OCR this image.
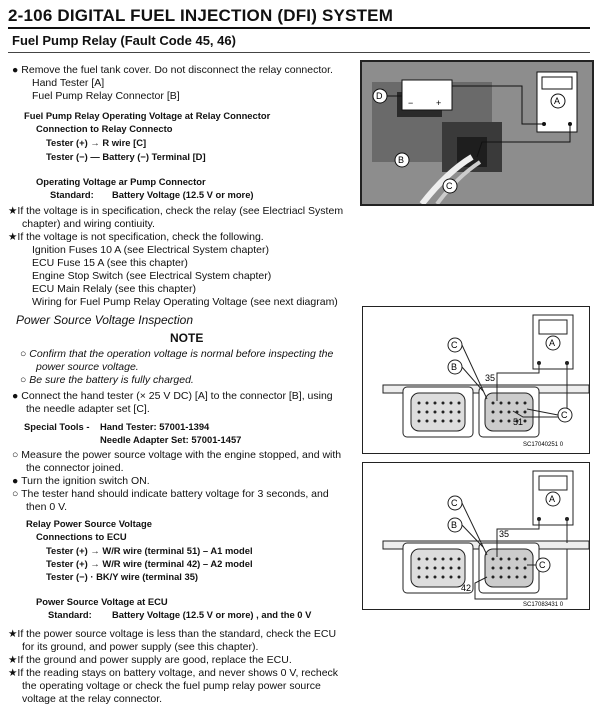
2-106 DIGITAL FUEL INJECTION (DFI) SYSTEM
Fuel Pump Relay (Fault Code 45, 46)
● Remove the fuel tank cover. Do not disconnect the relay connector.
Hand Tester [A]
Fuel Pump Relay Connector [B]
Fuel Pump Relay Operating Voltage at Relay Connector
Connection to Relay Connecto
Tester (+) → R wire [C]
Tester (−) — Battery (−) Terminal [D]
Operating Voltage ar Pump Connector
Standard: Battery Voltage (12.5 V or more)
−	+	A
D
B
C
★If the voltage is in specification, check the relay (see Electriacl System
chapter) and wiring contiuity.
★If the voltage is not specification, check the following.
Ignition Fuses 10 A (see Electrical System chapter)
ECU Fuse 15 A (see this chapter)
Engine Stop Switch (see Electrical System chapter)
ECU Main Relaly (see this chapter)
Wiring for Fuel Pump Relay Operating Voltage (see next diagram)
Power Source Voltage Inspection
NOTE
○ Confirm that the operation voltage is normal before inspecting the
power source voltage.
○ Be sure the battery is fully charged.
● Connect the hand tester (× 25 V DC) [A] to the connector [B], using
the needle adapter set [C].
Special Tools - Hand Tester: 57001-1394
Needle Adapter Set: 57001-1457
○ Measure the power source voltage with the engine stopped, and with
the connector joined.
● Turn the ignition switch ON.
○ The tester hand should indicate battery voltage for 3 seconds, and
then 0 V.
Relay Power Source Voltage
Connections to ECU
Tester (+) → W/R wire (terminal 51) – A1 model
Tester (+) → W/R wire (terminal 42) – A2 model
Tester (−) · BK/Y wire (terminal 35)
Power Source Voltage at ECU
Standard: Battery Voltage (12.5 V or more) , and the 0 V
A
35
51
C
B
C
SC17040251 0
A
35
42
C
B
C
SC17083431 0
★If the power source voltage is less than the standard, check the ECU
for its ground, and power supply (see this chapter).
★If the ground and power supply are good, replace the ECU.
★If the reading stays on battery voltage, and never shows 0 V, recheck
the operating voltage or check the fuel pump relay power source
voltage at the relay connector.
